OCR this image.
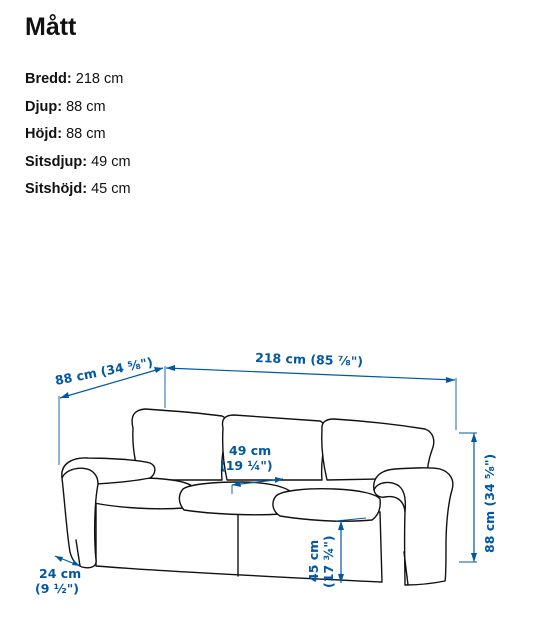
Mått
Bredd: 218 cm
Djup: 88 cm
Höjd: 88 cm
Sitsdjup: 49 cm
Sitshöjd: 45 cm
88 cm (34 ⁵⁄₈")	218 cm (85 ⁷⁄₈")
88 cm (34 ⁵⁄₈")
49 cm
(19 ¼")
45 cm (17 ¾")
24 cm
(9 ½")
